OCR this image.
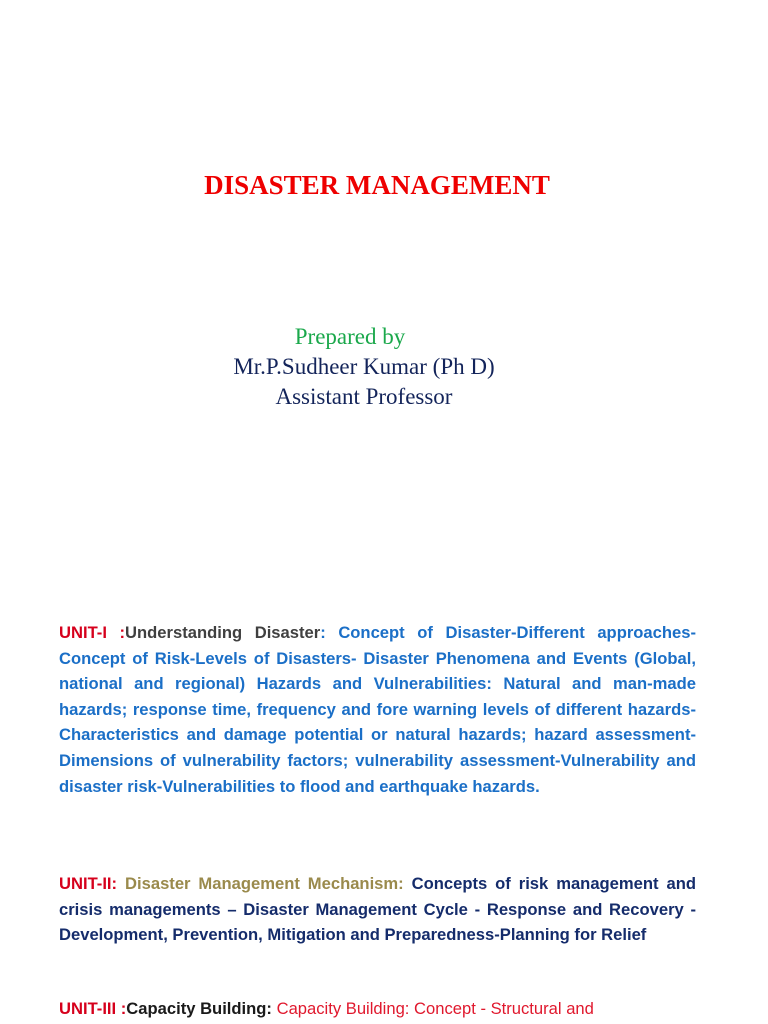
DISASTER MANAGEMENT
Prepared by
Mr.P.Sudheer Kumar (Ph D)
Assistant Professor

UNIT-I :Understanding Disaster: Concept of Disaster-Different approaches-Concept of Risk-Levels of Disasters- Disaster Phenomena and Events (Global, national and regional) Hazards and Vulnerabilities: Natural and man-made hazards; response time, frequency and fore warning levels of different hazards-Characteristics and damage potential or natural hazards; hazard assessment-Dimensions of vulnerability factors; vulnerability assessment-Vulnerability and disaster risk-Vulnerabilities to flood and earthquake hazards.

UNIT-II: Disaster Management Mechanism: Concepts of risk management and crisis managements – Disaster Management Cycle - Response and Recovery - Development, Prevention, Mitigation and Preparedness-Planning for Relief

UNIT-III :Capacity Building: Capacity Building: Concept - Structural and
